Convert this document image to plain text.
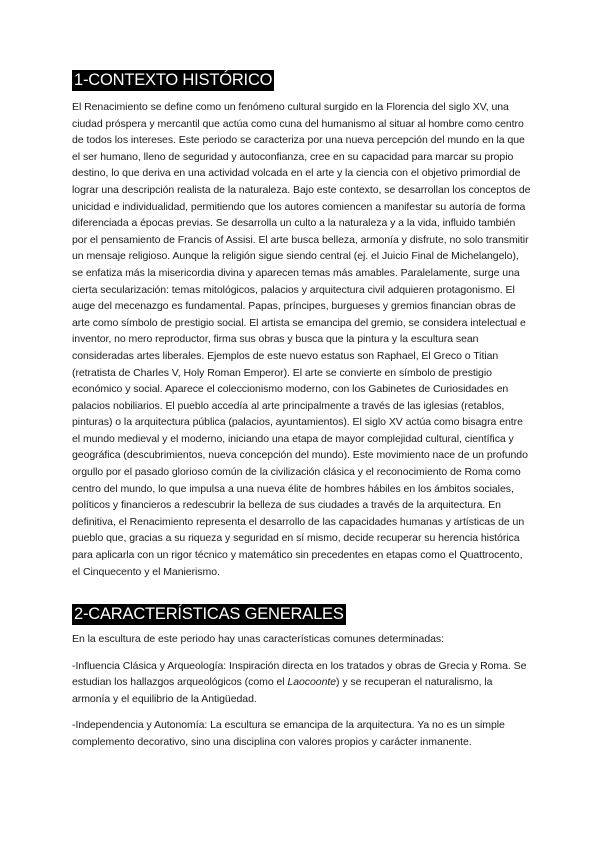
1-CONTEXTO HISTÓRICO

El Renacimiento se define como un fenómeno cultural surgido en la Florencia del siglo XV, una ciudad próspera y mercantil que actúa como cuna del humanismo al situar al hombre como centro de todos los intereses. Este periodo se caracteriza por una nueva percepción del mundo en la que el ser humano, lleno de seguridad y autoconfianza, cree en su capacidad para marcar su propio destino, lo que deriva en una actividad volcada en el arte y la ciencia con el objetivo primordial de lograr una descripción realista de la naturaleza. Bajo este contexto, se desarrollan los conceptos de unicidad e individualidad, permitiendo que los autores comiencen a manifestar su autoría de forma diferenciada a épocas previas. Se desarrolla un culto a la naturaleza y a la vida, influido también por el pensamiento de Francis of Assisi. El arte busca belleza, armonía y disfrute, no solo transmitir un mensaje religioso. Aunque la religión sigue siendo central (ej. el Juicio Final de Michelangelo), se enfatiza más la misericordia divina y aparecen temas más amables. Paralelamente, surge una cierta secularización: temas mitológicos, palacios y arquitectura civil adquieren protagonismo. El auge del mecenazgo es fundamental. Papas, príncipes, burgueses y gremios financian obras de arte como símbolo de prestigio social. El artista se emancipa del gremio, se considera intelectual e inventor, no mero reproductor, firma sus obras y busca que la pintura y la escultura sean consideradas artes liberales. Ejemplos de este nuevo estatus son Raphael, El Greco o Titian (retratista de Charles V, Holy Roman Emperor). El arte se convierte en símbolo de prestigio económico y social. Aparece el coleccionismo moderno, con los Gabinetes de Curiosidades en palacios nobiliarios. El pueblo accedía al arte principalmente a través de las iglesias (retablos, pinturas) o la arquitectura pública (palacios, ayuntamientos). El siglo XV actúa como bisagra entre el mundo medieval y el moderno, iniciando una etapa de mayor complejidad cultural, científica y geográfica (descubrimientos, nueva concepción del mundo). Este movimiento nace de un profundo orgullo por el pasado glorioso común de la civilización clásica y el reconocimiento de Roma como centro del mundo, lo que impulsa a una nueva élite de hombres hábiles en los ámbitos sociales, políticos y financieros a redescubrir la belleza de sus ciudades a través de la arquitectura. En definitiva, el Renacimiento representa el desarrollo de las capacidades humanas y artísticas de un pueblo que, gracias a su riqueza y seguridad en sí mismo, decide recuperar su herencia histórica para aplicarla con un rigor técnico y matemático sin precedentes en etapas como el Quattrocento, el Cinquecento y el Manierismo.

2-CARACTERÍSTICAS GENERALES

En la escultura de este periodo hay unas características comunes determinadas:

-Influencia Clásica y Arqueología: Inspiración directa en los tratados y obras de Grecia y Roma. Se estudian los hallazgos arqueológicos (como el Laocoonte) y se recuperan el naturalismo, la armonía y el equilibrio de la Antigüedad.

-Independencia y Autonomía: La escultura se emancipa de la arquitectura. Ya no es un simple complemento decorativo, sino una disciplina con valores propios y carácter inmanente.
